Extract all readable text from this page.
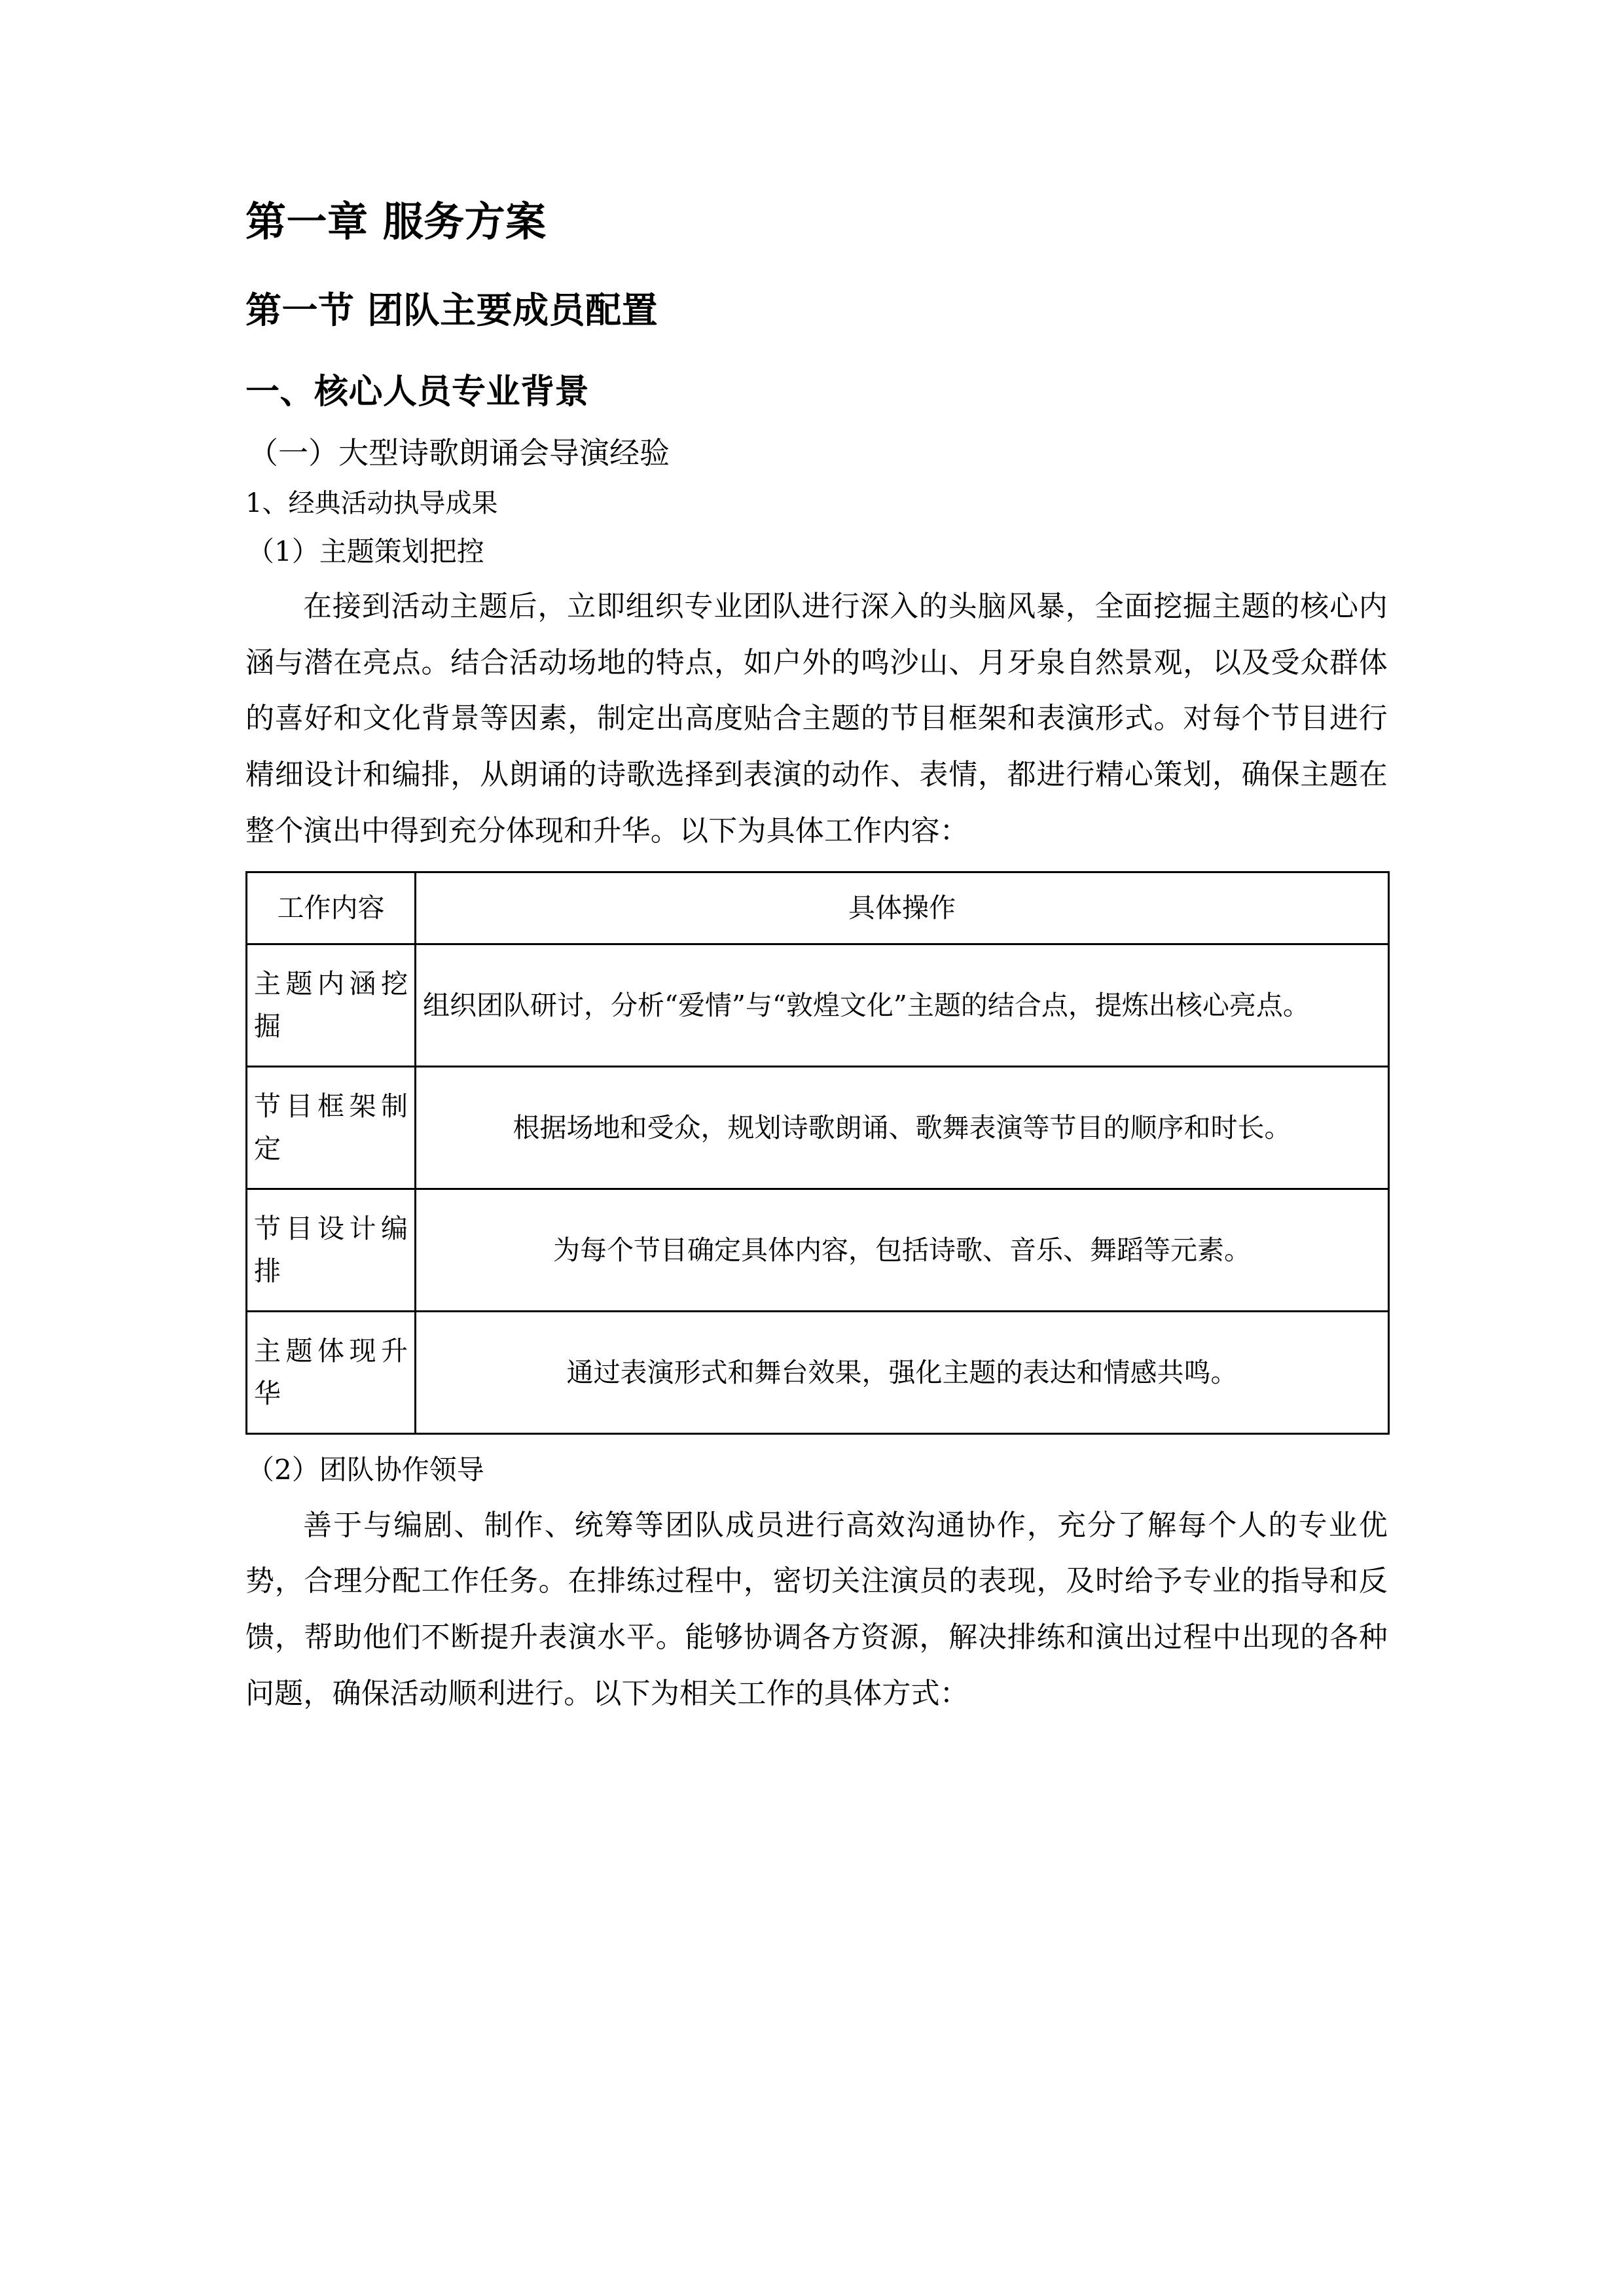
第一章 服务方案
第一节 团队主要成员配置
一、核心人员专业背景
（一）大型诗歌朗诵会导演经验
1、经典活动执导成果
（1）主题策划把控

在接到活动主题后，立即组织专业团队进行深入的头脑风暴，全面挖掘主题的核心内涵与潜在亮点。结合活动场地的特点，如户外的鸣沙山、月牙泉自然景观，以及受众群体的喜好和文化背景等因素，制定出高度贴合主题的节目框架和表演形式。对每个节目进行精细设计和编排，从朗诵的诗歌选择到表演的动作、表情，都进行精心策划，确保主题在整个演出中得到充分体现和升华。以下为具体工作内容：

工作内容	具体操作
主题内涵挖掘	组织团队研讨，分析“爱情”与“敦煌文化”主题的结合点，提炼出核心亮点。
节目框架制定	根据场地和受众，规划诗歌朗诵、歌舞表演等节目的顺序和时长。
节目设计编排	为每个节目确定具体内容，包括诗歌、音乐、舞蹈等元素。
主题体现升华	通过表演形式和舞台效果，强化主题的表达和情感共鸣。
（2）团队协作领导

善于与编剧、制作、统筹等团队成员进行高效沟通协作，充分了解每个人的专业优势，合理分配工作任务。在排练过程中，密切关注演员的表现，及时给予专业的指导和反馈，帮助他们不断提升表演水平。能够协调各方资源，解决排练和演出过程中出现的各种问题，确保活动顺利进行。以下为相关工作的具体方式：
